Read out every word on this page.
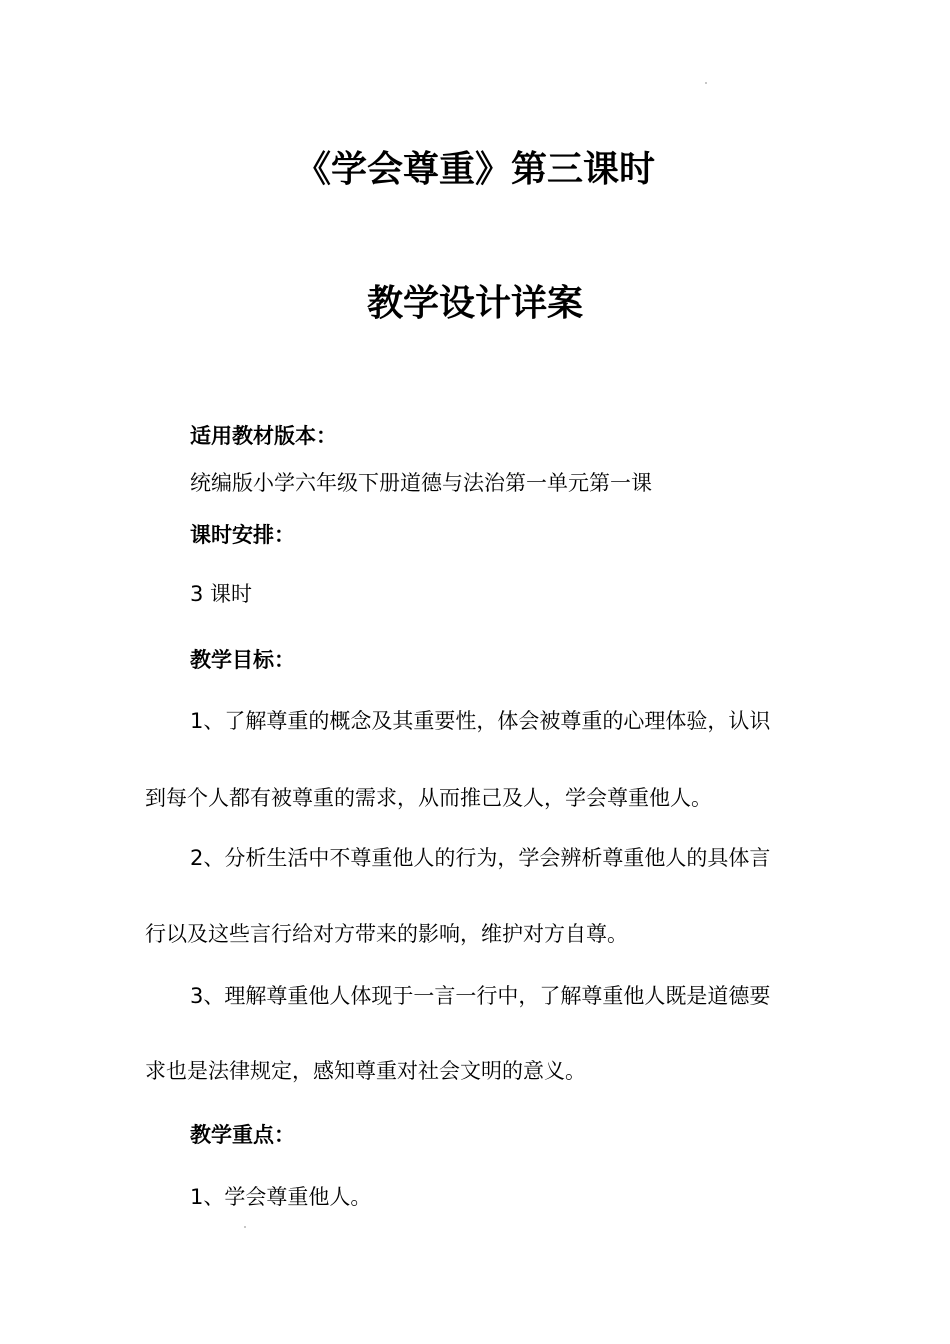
《学会尊重》第三课时
教学设计详案
适用教材版本：
统编版小学六年级下册道德与法治第一单元第一课
课时安排：
3 课时
教学目标：
1、了解尊重的概念及其重要性，体会被尊重的心理体验，认识
到每个人都有被尊重的需求，从而推己及人，学会尊重他人。
2、分析生活中不尊重他人的行为，学会辨析尊重他人的具体言
行以及这些言行给对方带来的影响，维护对方自尊。
3、理解尊重他人体现于一言一行中，了解尊重他人既是道德要
求也是法律规定，感知尊重对社会文明的意义。
教学重点：
1、学会尊重他人。
